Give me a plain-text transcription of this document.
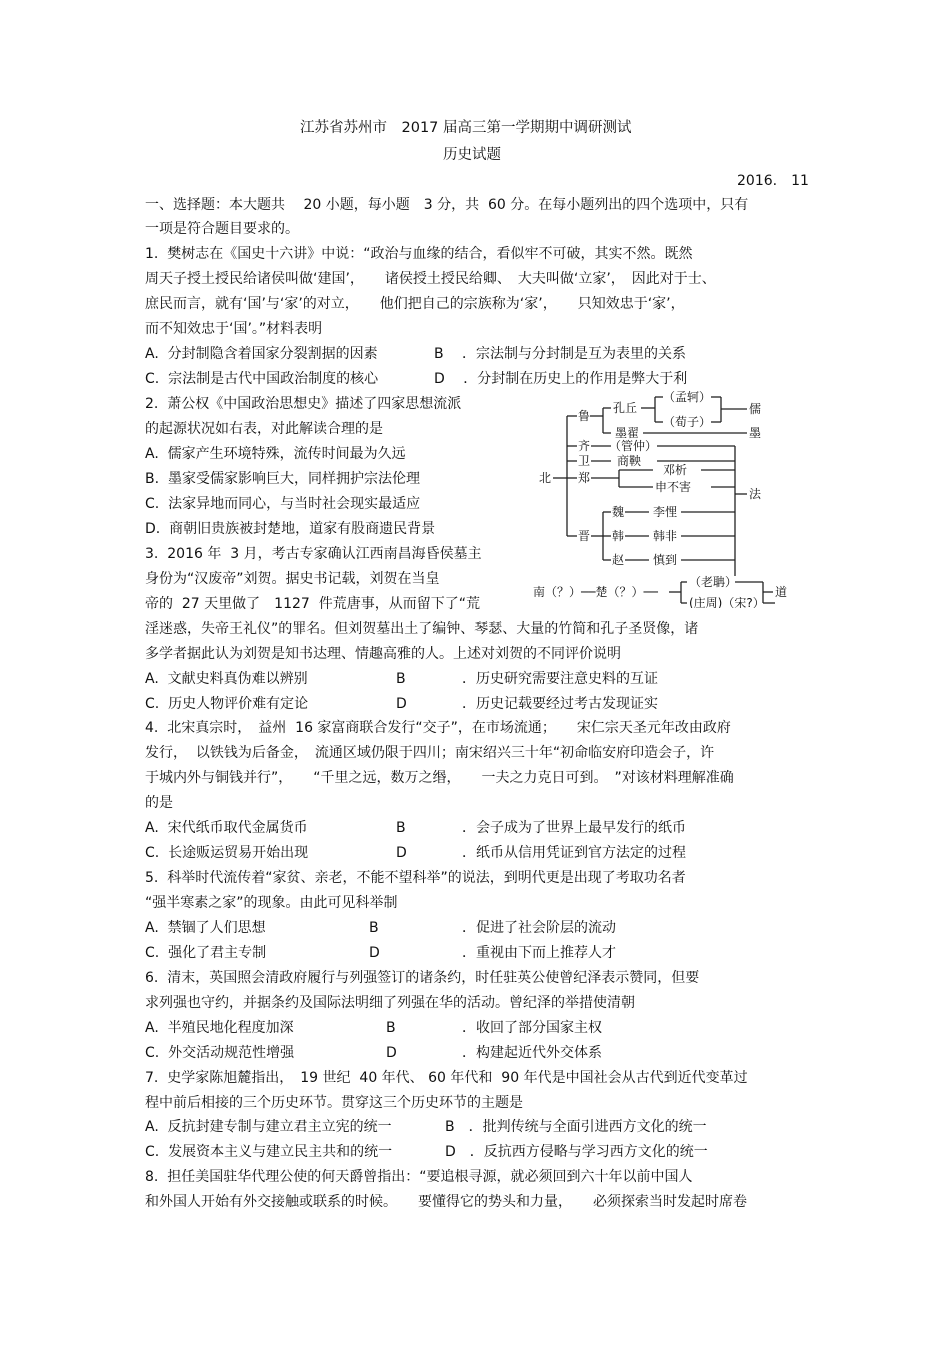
江苏省苏州市　2017 届高三第一学期期中调研测试
历史试题
2016.　11
一、选择题：本大题共　 20 小题，每小题　3 分，共  60 分。在每小题列出的四个选项中，只有
一项是符合题目要求的。
1.  樊树志在《国史十六讲》中说：“政治与血缘的结合，看似牢不可破，其实不然。既然
周天子授土授民给诸侯叫做‘建国’，　　诸侯授土授民给卿、　大夫叫做‘立家’，　因此对于士、
庶民而言，就有‘国’与‘家’的对立，　　他们把自己的宗族称为‘家’，　　只知效忠于‘家’，
而不知效忠于‘国’。”材料表明
A.  分封制隐含着国家分裂割据的因素	B　 ．宗法制与分封制是互为表里的关系
C.  宗法制是古代中国政治制度的核心	D　 ．分封制在历史上的作用是弊大于利
2.  萧公权《中国政治思想史》描述了四家思想流派
的起源状况如右表，对此解读合理的是
A.  儒家产生环境特殊，流传时间最为久远
B.  墨家受儒家影响巨大，同样拥护宗法伦理
C.  法家异地而同心，与当时社会现实最适应
D.  商朝旧贵族被封楚地，道家有股商遗民背景
3.  2016 年  3 月，考古专家确认江西南昌海昏侯墓主
身份为“汉废帝”刘贺。据史书记载，刘贺在当皇
帝的  27 天里做了　1127  件荒唐事，从而留下了“荒
淫迷惑，失帝王礼仪”的罪名。但刘贺墓出土了编钟、琴瑟、大量的竹简和孔子圣贤像，诸
多学者据此认为刘贺是知书达理、情趣高雅的人。上述对刘贺的不同评价说明
A.  文献史料真伪难以辨别	B	．历史研究需要注意史料的互证
C.  历史人物评价难有定论	D	．历史记载要经过考古发现证实
4.  北宋真宗时，　益州  16 家富商联合发行“交子”，在市场流通；　　宋仁宗天圣元年改由政府
发行，  以铁钱为后备金，　流通区域仍限于四川；南宋绍兴三十年“初命临安府印造会子，许
于城内外与铜钱并行”，　　“千里之远，数万之缗，　　一夫之力克日可到。　”对该材料理解准确
的是
A.  宋代纸币取代金属货币	B	．会子成为了世界上最早发行的纸币
C.  长途贩运贸易开始出现	D	．纸币从信用凭证到官方法定的过程
5.  科举时代流传着“家贫、亲老，不能不望科举”的说法，到明代更是出现了考取功名者
“强半寒素之家”的现象。由此可见科举制
A.  禁锢了人们思想	B	．促进了社会阶层的流动
C.  强化了君主专制	D	．重视由下而上推荐人才
6.  清末，英国照会清政府履行与列强签订的诸条约，时任驻英公使曾纪泽表示赞同，但要
求列强也守约，并据条约及国际法明细了列强在华的活动。曾纪泽的举措使清朝
A.  半殖民地化程度加深	B	．收回了部分国家主权
C.  外交活动规范性增强	D	．构建起近代外交体系
7.  史学家陈旭麓指出，　19 世纪  40 年代、 60 年代和  90 年代是中国社会从古代到近代变革过
程中前后相接的三个历史环节。贯穿这三个历史环节的主题是
A.  反抗封建专制与建立君主立宪的统一	B　．批判传统与全面引进西方文化的统一
C.  发展资本主义与建立民主共和的统一	D　．反抗西方侵略与学习西方文化的统一
8.  担任美国驻华代理公使的何天爵曾指出：“要追根寻源，就必须回到六十年以前中国人
和外国人开始有外交接触或联系的时候。　　要懂得它的势头和力量，　　必须探索当时发起时席卷
北
鲁
齐
卫
郑
晋
孔丘
（孟轲）
（荀子）
儒
墨翟	墨
（管仲）
商鞅
邓析
申不害	法
魏 李悝
韩 韩非
赵 慎到
南（？）──楚（？）──
（老聃）
(庄周)（宋?）
道
